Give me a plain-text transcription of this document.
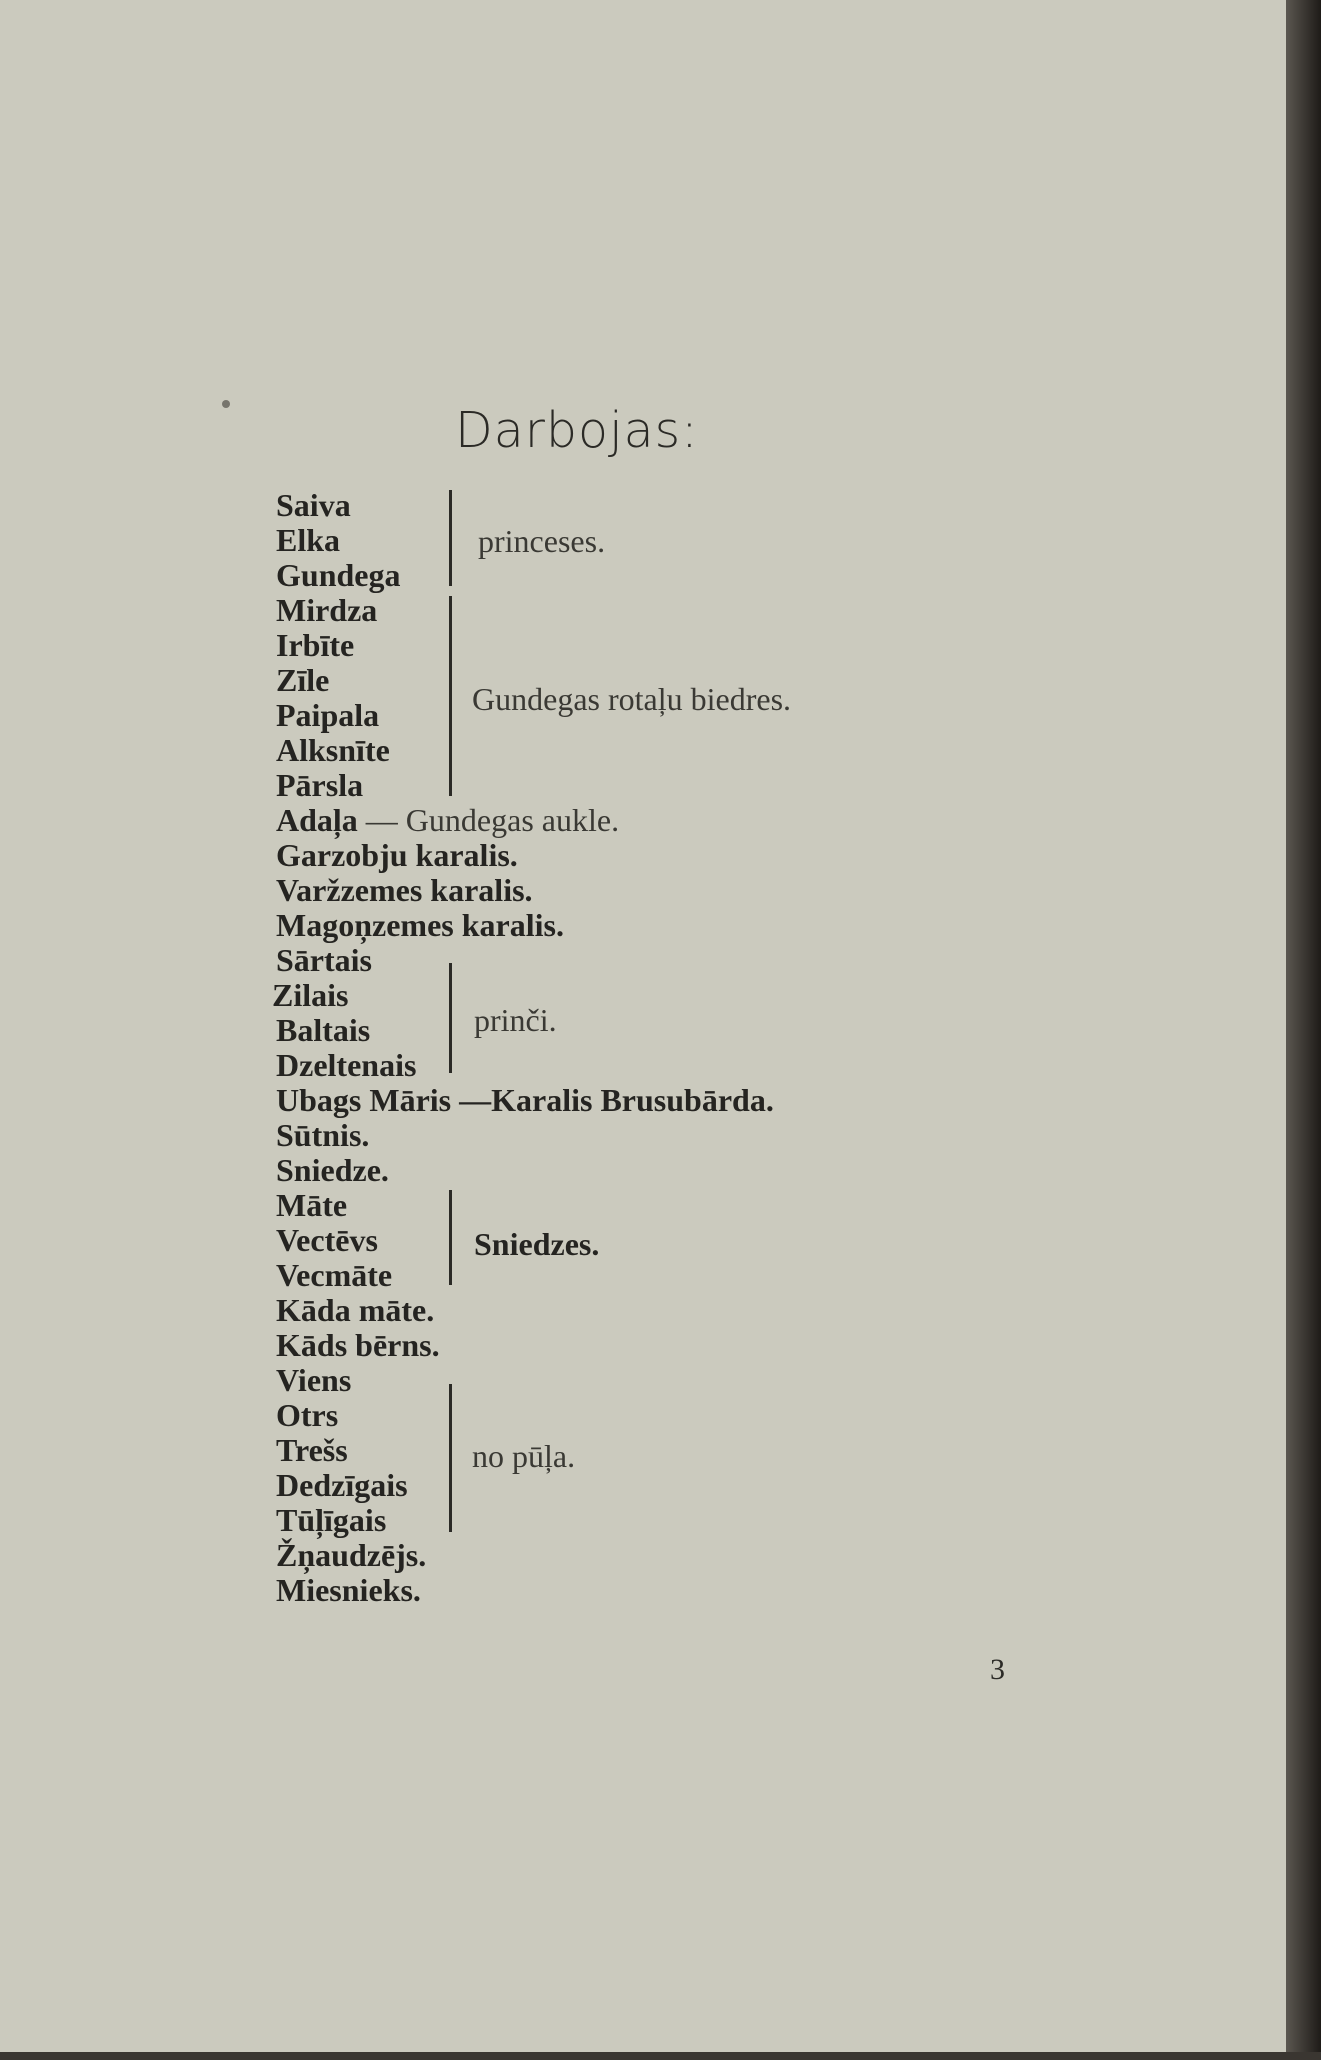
Darbojas:
Saiva
Elka
Gundega
princeses.
Mirdza
Irbīte
Zīle
Paipala
Alksnīte
Pārsla
Gundegas rotaļu biedres.
Adaļa — Gundegas aukle.
Garzobju karalis.
Varžzemes karalis.
Magoņzemes karalis.
Sārtais
Zilais
Baltais
Dzeltenais
prinči.
Ubags Māris —Karalis Brusubārda.
Sūtnis.
Sniedze.
Māte
Vectēvs
Vecmāte
Sniedzes.
Kāda māte.
Kāds bērns.
Viens
Otrs
Trešs
Dedzīgais
Tūļīgais
no pūļa.
Žņaudzējs.
Miesnieks.
3
